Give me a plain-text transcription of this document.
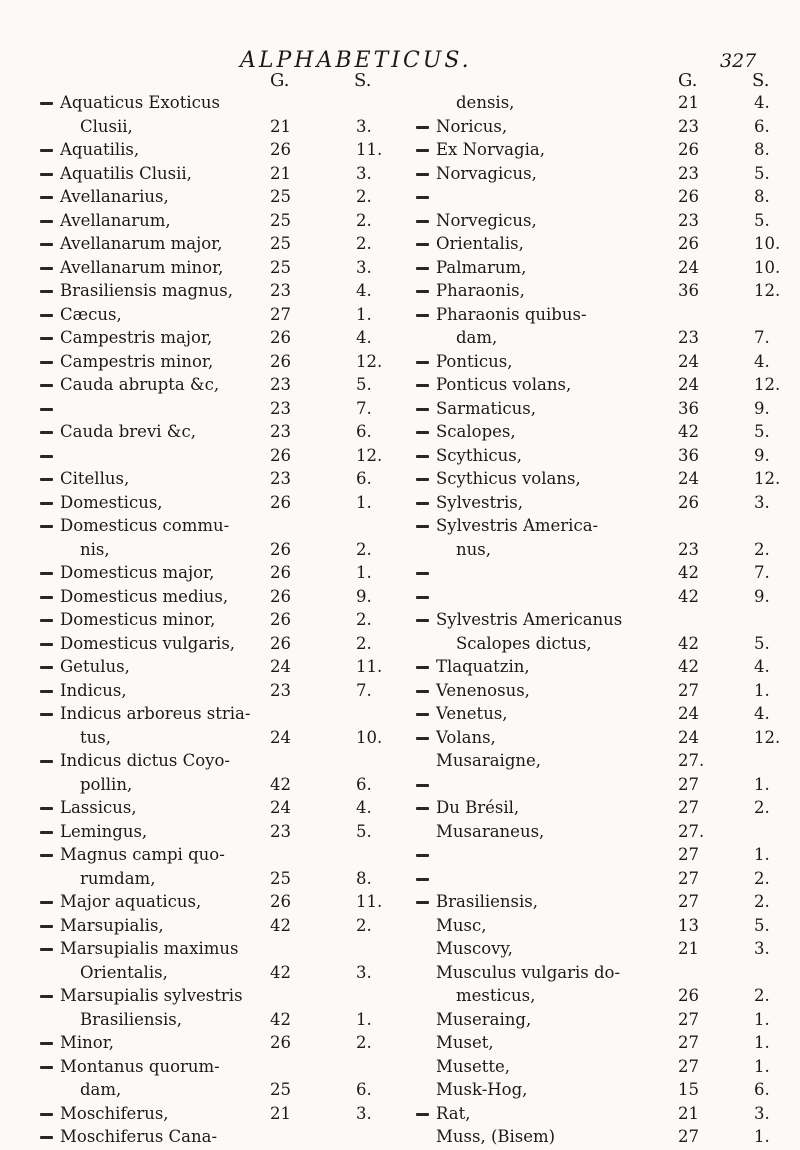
ALPHABETICUS.	327
G.	S.	G.	S.
Aquaticus Exoticus
Clusii,	21	3.
Aquatilis,	26	11.
Aquatilis Clusii,	21	3.
Avellanarius,	25	2.
Avellanarum,	25	2.
Avellanarum major,	25	2.
Avellanarum minor,	25	3.
Brasiliensis magnus, 23	4.
Cæcus,	27	1.
Campestris major,	26	4.
Campestris minor,	26	12.
Cauda abrupta &c,	23	5.
23	7.
Cauda brevi &c,	23	6.
26	12.
Citellus,	23	6.
Domesticus,	26	1.
Domesticus commu-
nis,	26	2.
Domesticus major,	26	1.
Domesticus medius,	26	9.
Domesticus minor,	26	2.
Domesticus vulgaris, 26	2.
Getulus,	24	11.
Indicus,	23	7.
Indicus arboreus stria-
tus,	24	10.
Indicus dictus Coyo-
pollin,	42	6.
Lassicus,	24	4.
Lemingus,	23	5.
Magnus campi quo-
rumdam,	25	8.
Major aquaticus,	26	11.
Marsupialis,	42	2.
Marsupialis maximus
Orientalis,	42	3.
Marsupialis sylvestris
Brasiliensis,	42	1.
Minor,	26	2.
Montanus quorum-
dam,	25	6.
Moschiferus,	21	3.
Moschiferus Cana-
densis,	21	4.
Noricus,	23	6.
Ex Norvagia,	26	8.
Norvagicus,	23	5.
26	8.
Norvegicus,	23	5.
Orientalis,	26	10.
Palmarum,	24	10.
Pharaonis,	36	12.
Pharaonis quibus-
dam,	23	7.
Ponticus,	24	4.
Ponticus volans,	24	12.
Sarmaticus,	36	9.
Scalopes,	42	5.
Scythicus,	36	9.
Scythicus volans,	24	12.
Sylvestris,	26	3.
Sylvestris America-
nus,	23	2.
42	7.
42	9.
Sylvestris Americanus
Scalopes dictus,	42	5.
Tlaquatzin,	42	4.
Venenosus,	27	1.
Venetus,	24	4.
Volans,	24	12.
Musaraigne,	27.
27	1.
Du Brésil,	27	2.
Musaraneus,	27.
27	1.
27	2.
Brasiliensis,	27	2.
Musc,	13	5.
Muscovy,	21	3.
Musculus vulgaris do-
mesticus,	26	2.
Museraing,	27	1.
Muset,	27	1.
Musette,	27	1.
Musk-Hog,	15	6.
Rat,	21	3.
Muss, (Bisem)	27	1.
